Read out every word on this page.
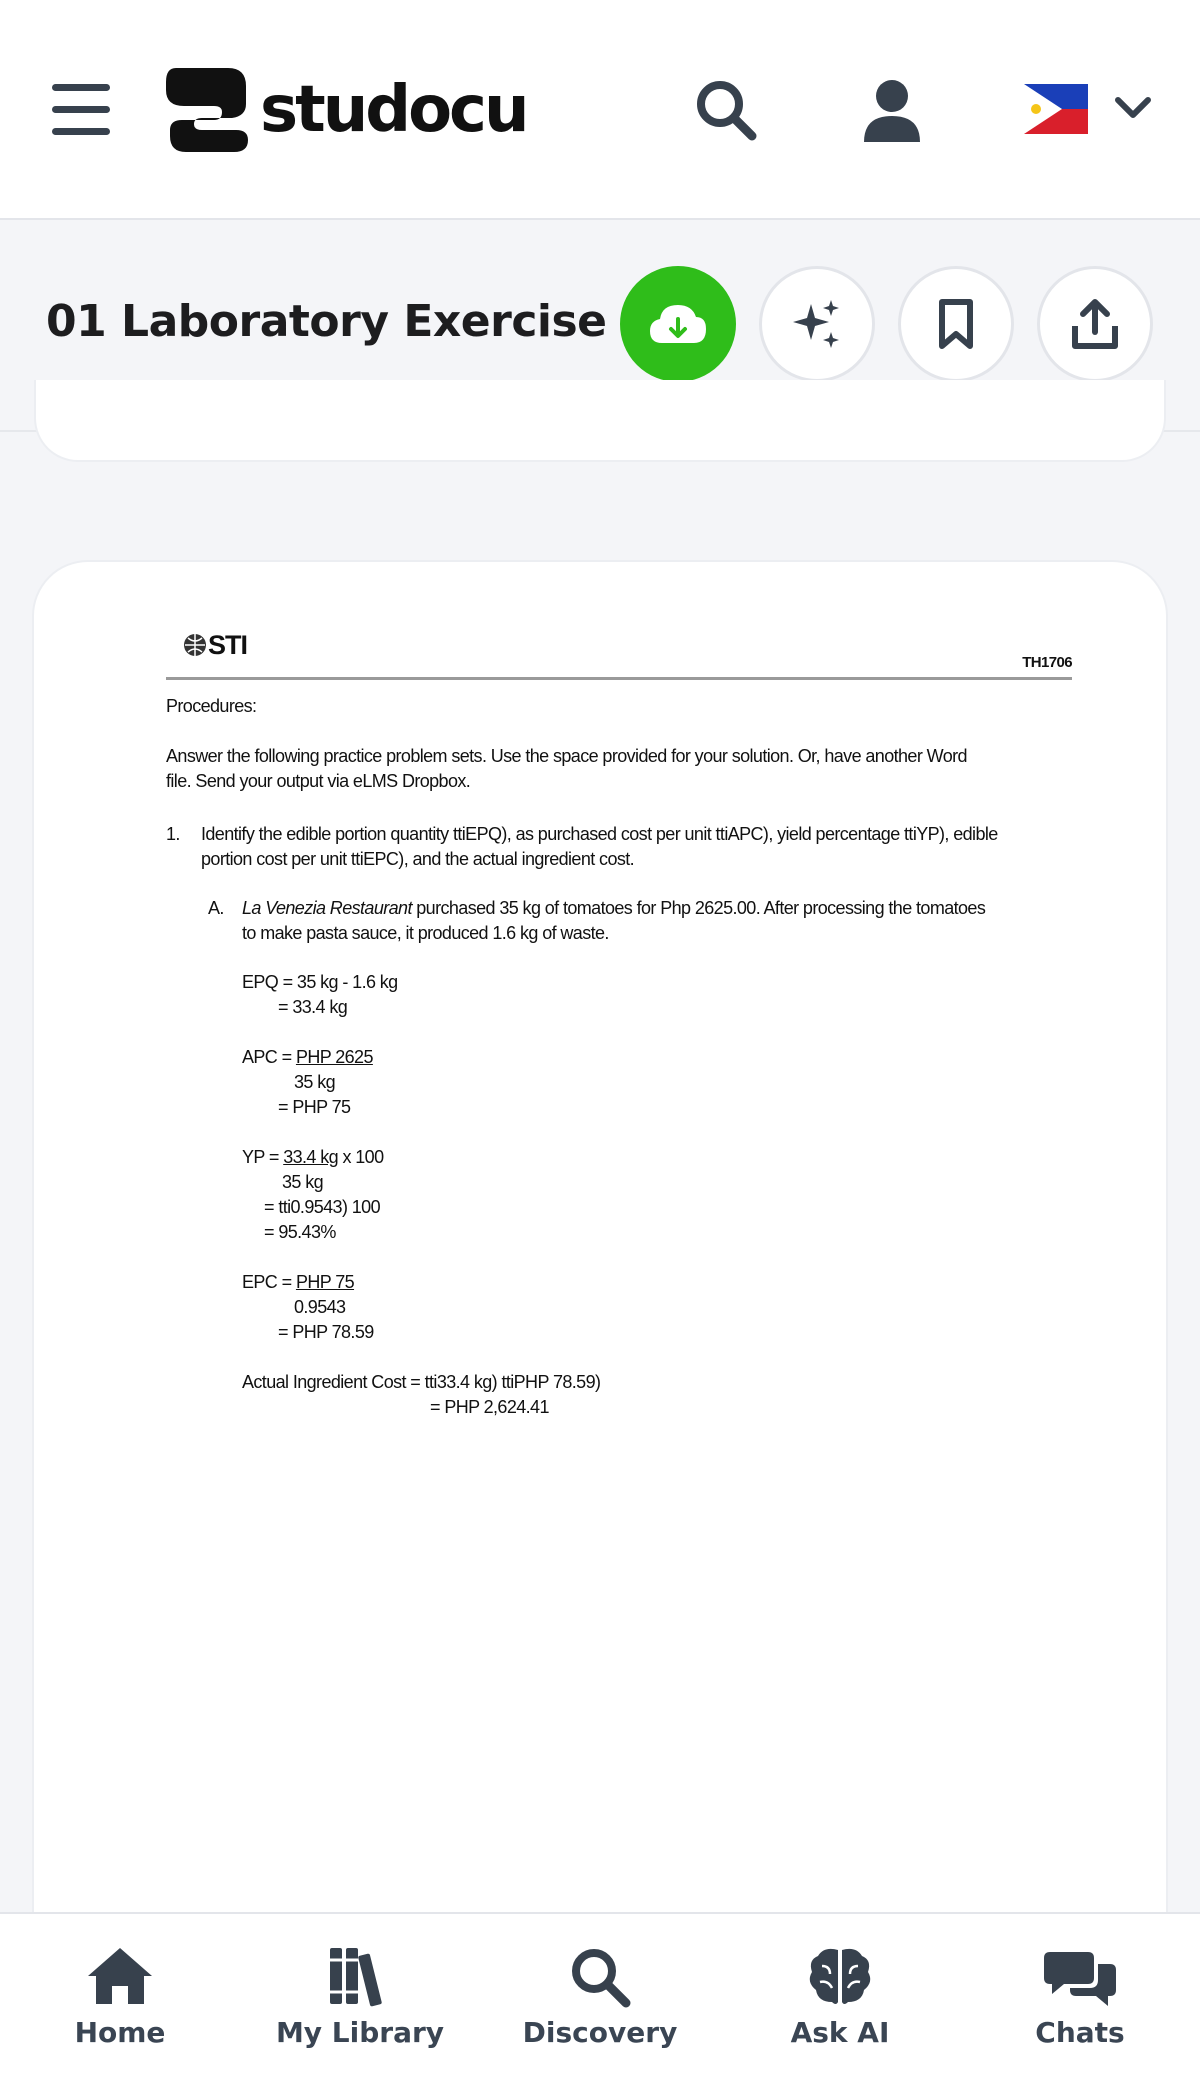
studocu
01 Laboratory Exercise
STI
TH1706
Procedures:
Answer the following practice problem sets. Use the space provided for your solution. Or, have another Word
file. Send your output via eLMS Dropbox.
1. Identify the edible portion quantity ttiEPQ), as purchased cost per unit ttiAPC), yield percentage ttiYP), edible
portion cost per unit ttiEPC), and the actual ingredient cost.
A. La Venezia Restaurant purchased 35 kg of tomatoes for Php 2625.00. After processing the tomatoes
to make pasta sauce, it produced 1.6 kg of waste.
EPQ = 35 kg - 1.6 kg
= 33.4 kg
APC = PHP 2625
35 kg
= PHP 75
YP = 33.4 kg x 100
35 kg
= tti0.9543) 100
= 95.43%
EPC = PHP 75
0.9543
= PHP 78.59
Actual Ingredient Cost = tti33.4 kg) ttiPHP 78.59)
= PHP 2,624.41
Home	My Library	Discovery	Ask AI	Chats
